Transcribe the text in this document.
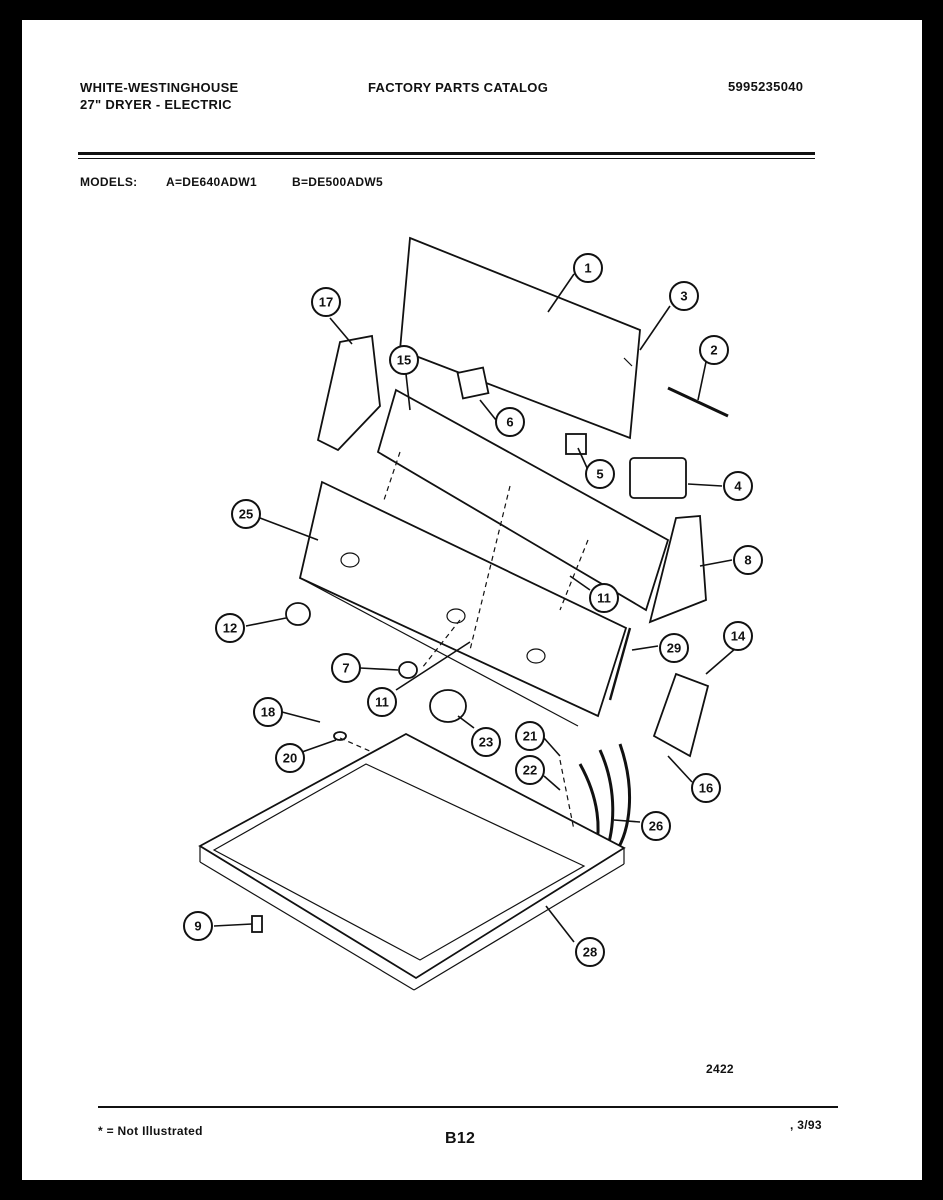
WHITE-WESTINGHOUSE
27" DRYER - ELECTRIC
FACTORY PARTS CATALOG	5995235040
MODELS: A=DE640ADW1	B=DE500ADW5
1
3
2
17
15
6
5
4
25
8
11
12
29
14
7
11
18
21
23
20
22
16
26
9
28
2422
* = Not Illustrated	B12
, 3/93
